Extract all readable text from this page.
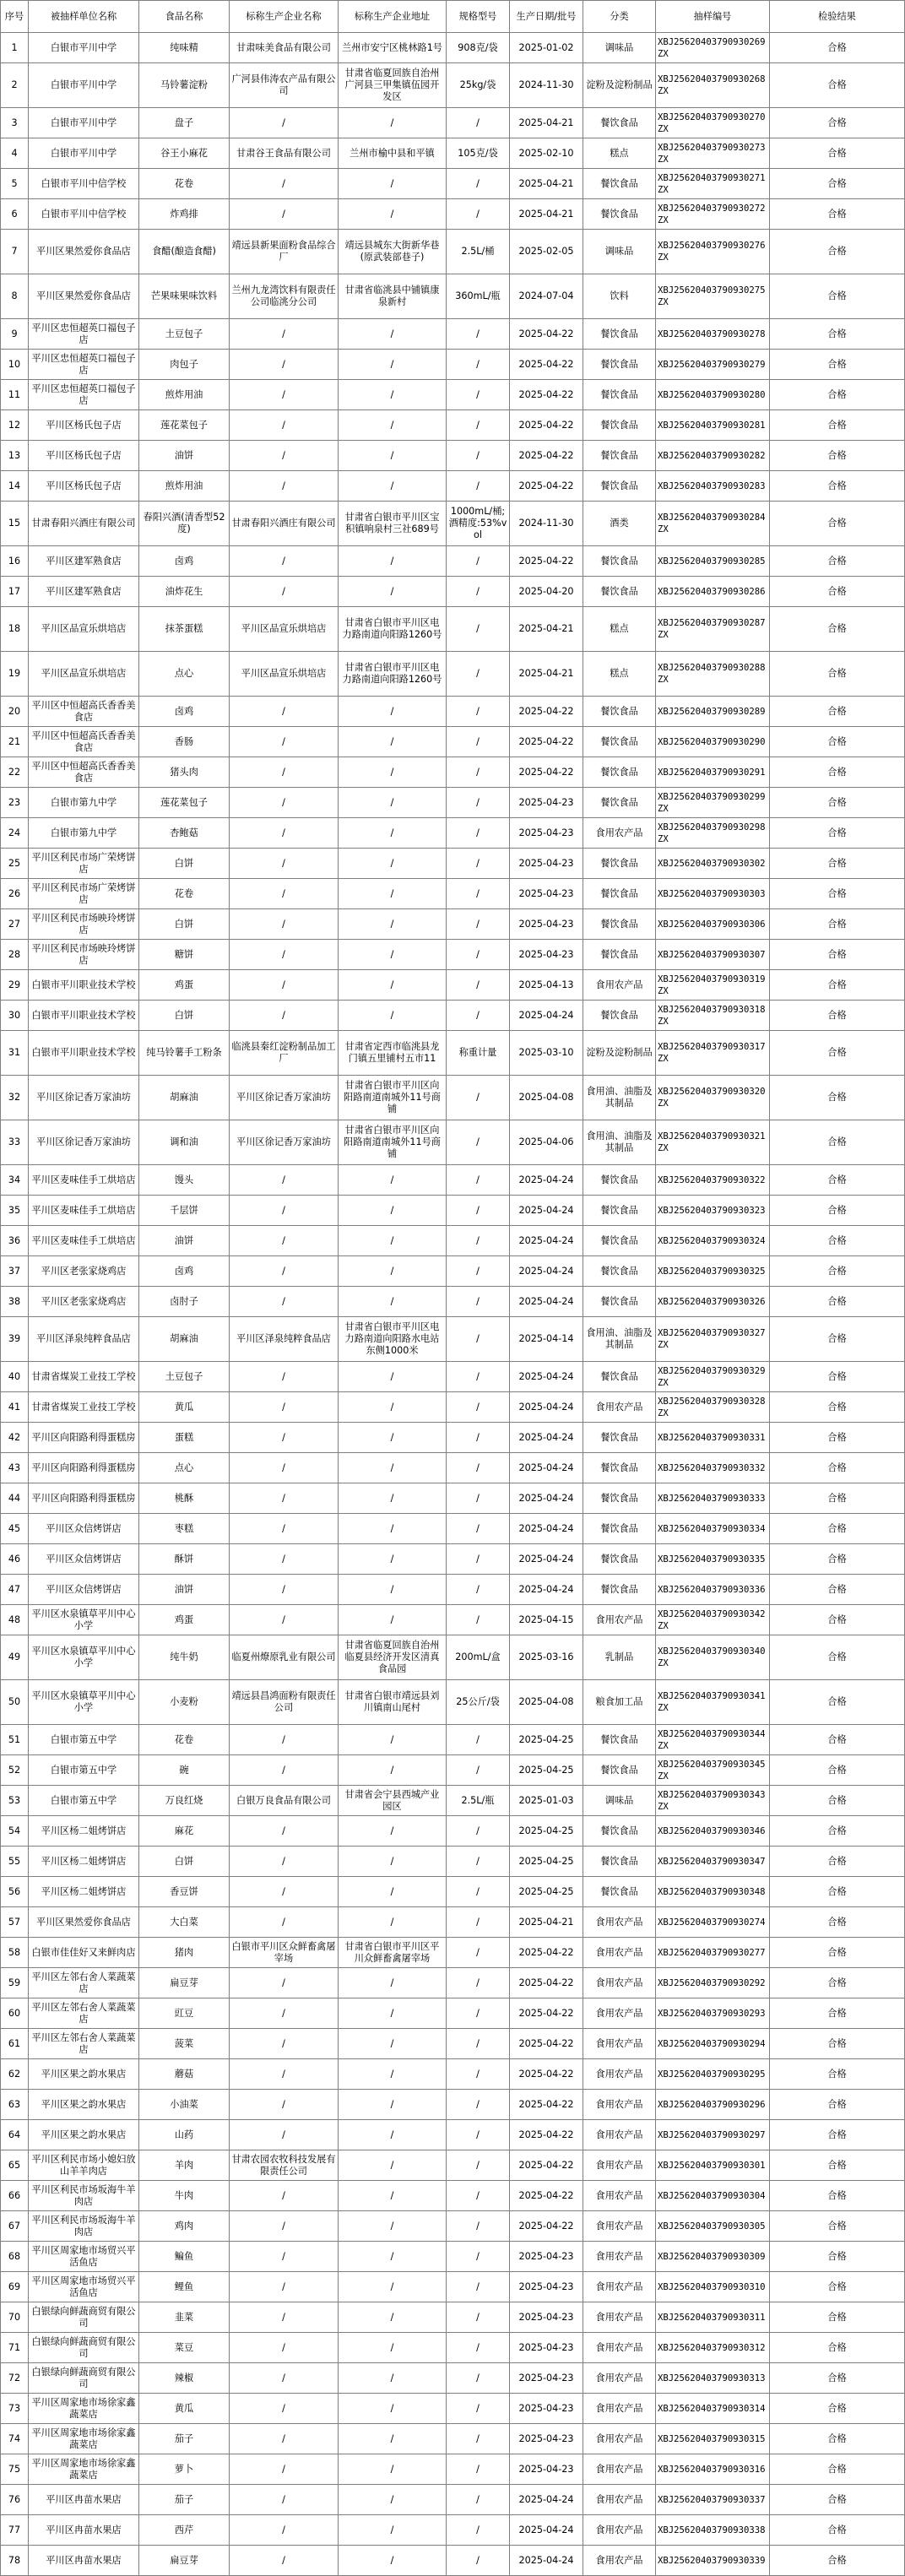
序号	被抽样单位名称	食品名称	标称生产企业名称	标称生产企业地址	规格型号	生产日期/批号	分类	抽样编号	检验结果
1	白银市平川中学	纯味精	甘肃味美食品有限公司	兰州市安宁区桃林路1号	908克/袋	2025-01-02	调味品	XBJ25620403790930269ZX	合格
2	白银市平川中学	马铃薯淀粉	广河县伟涛农产品有限公司	甘肃省临夏回族自治州广河县三甲集镇伍园开发区	25kg/袋	2024-11-30	淀粉及淀粉制品	XBJ25620403790930268ZX	合格
3	白银市平川中学	盘子	/	/	/	2025-04-21	餐饮食品	XBJ25620403790930270ZX	合格
4	白银市平川中学	谷王小麻花	甘肃谷王食品有限公司	兰州市榆中县和平镇	105克/袋	2025-02-10	糕点	XBJ25620403790930273ZX	合格
5	白银市平川中信学校	花卷	/	/	/	2025-04-21	餐饮食品	XBJ25620403790930271ZX	合格
6	白银市平川中信学校	炸鸡排	/	/	/	2025-04-21	餐饮食品	XBJ25620403790930272ZX	合格
7	平川区果然爱你食品店	食醋(酿造食醋)	靖远县新果面粉食品综合厂	靖远县城东大街新华巷(原武装部巷子)	2.5L/桶	2025-02-05	调味品	XBJ25620403790930276ZX	合格
8	平川区果然爱你食品店	芒果味果味饮料	兰州九龙湾饮料有限责任公司临洮分公司	甘肃省临洮县中铺镇康泉新村	360mL/瓶	2024-07-04	饮料	XBJ25620403790930275ZX	合格
9	平川区忠恒超英口福包子店	土豆包子	/	/	/	2025-04-22	餐饮食品	XBJ25620403790930278	合格
10	平川区忠恒超英口福包子店	肉包子	/	/	/	2025-04-22	餐饮食品	XBJ25620403790930279	合格
11	平川区忠恒超英口福包子店	煎炸用油	/	/	/	2025-04-22	餐饮食品	XBJ25620403790930280	合格
12	平川区杨氏包子店	莲花菜包子	/	/	/	2025-04-22	餐饮食品	XBJ25620403790930281	合格
13	平川区杨氏包子店	油饼	/	/	/	2025-04-22	餐饮食品	XBJ25620403790930282	合格
14	平川区杨氏包子店	煎炸用油	/	/	/	2025-04-22	餐饮食品	XBJ25620403790930283	合格
15	甘肃春阳兴酒庄有限公司	春阳兴酒(清香型52度)	甘肃春阳兴酒庄有限公司	甘肃省白银市平川区宝积镇响泉村三社689号	1000mL/桶;酒精度:53%vol	2024-11-30	酒类	XBJ25620403790930284ZX	合格
16	平川区建军熟食店	卤鸡	/	/	/	2025-04-22	餐饮食品	XBJ25620403790930285	合格
17	平川区建军熟食店	油炸花生	/	/	/	2025-04-20	餐饮食品	XBJ25620403790930286	合格
18	平川区品宣乐烘培店	抹茶蛋糕	平川区品宣乐烘培店	甘肃省白银市平川区电力路南道向阳路1260号	/	2025-04-21	糕点	XBJ25620403790930287ZX	合格
19	平川区品宣乐烘培店	点心	平川区品宣乐烘培店	甘肃省白银市平川区电力路南道向阳路1260号	/	2025-04-21	糕点	XBJ25620403790930288ZX	合格
20	平川区中恒超高氏香香美食店	卤鸡	/	/	/	2025-04-22	餐饮食品	XBJ25620403790930289	合格
21	平川区中恒超高氏香香美食店	香肠	/	/	/	2025-04-22	餐饮食品	XBJ25620403790930290	合格
22	平川区中恒超高氏香香美食店	猪头肉	/	/	/	2025-04-22	餐饮食品	XBJ25620403790930291	合格
23	白银市第九中学	莲花菜包子	/	/	/	2025-04-23	餐饮食品	XBJ25620403790930299ZX	合格
24	白银市第九中学	杏鲍菇	/	/	/	2025-04-23	食用农产品	XBJ25620403790930298ZX	合格
25	平川区利民市场广荣烤饼店	白饼	/	/	/	2025-04-23	餐饮食品	XBJ25620403790930302	合格
26	平川区利民市场广荣烤饼店	花卷	/	/	/	2025-04-23	餐饮食品	XBJ25620403790930303	合格
27	平川区利民市场映玲烤饼店	白饼	/	/	/	2025-04-23	餐饮食品	XBJ25620403790930306	合格
28	平川区利民市场映玲烤饼店	糖饼	/	/	/	2025-04-23	餐饮食品	XBJ25620403790930307	合格
29	白银市平川职业技术学校	鸡蛋	/	/	/	2025-04-13	食用农产品	XBJ25620403790930319ZX	合格
30	白银市平川职业技术学校	白饼	/	/	/	2025-04-24	餐饮食品	XBJ25620403790930318ZX	合格
31	白银市平川职业技术学校	纯马铃薯手工粉条	临洮县秦红淀粉制品加工厂	甘肃省定西市临洮县龙门镇五里铺村五市11	称重计量	2025-03-10	淀粉及淀粉制品	XBJ25620403790930317ZX	合格
32	平川区徐记香万家油坊	胡麻油	平川区徐记香万家油坊	甘肃省白银市平川区向阳路南道南城外11号商铺	/	2025-04-08	食用油、油脂及其制品	XBJ25620403790930320ZX	合格
33	平川区徐记香万家油坊	调和油	平川区徐记香万家油坊	甘肃省白银市平川区向阳路南道南城外11号商铺	/	2025-04-06	食用油、油脂及其制品	XBJ25620403790930321ZX	合格
34	平川区麦味佳手工烘培店	馒头	/	/	/	2025-04-24	餐饮食品	XBJ25620403790930322	合格
35	平川区麦味佳手工烘培店	千层饼	/	/	/	2025-04-24	餐饮食品	XBJ25620403790930323	合格
36	平川区麦味佳手工烘培店	油饼	/	/	/	2025-04-24	餐饮食品	XBJ25620403790930324	合格
37	平川区老张家烧鸡店	卤鸡	/	/	/	2025-04-24	餐饮食品	XBJ25620403790930325	合格
38	平川区老张家烧鸡店	卤肘子	/	/	/	2025-04-24	餐饮食品	XBJ25620403790930326	合格
39	平川区泽泉纯粹食品店	胡麻油	平川区泽泉纯粹食品店	甘肃省白银市平川区电力路南道向阳路水电站东侧1000米	/	2025-04-14	食用油、油脂及其制品	XBJ25620403790930327ZX	合格
40	甘肃省煤炭工业技工学校	土豆包子	/	/	/	2025-04-24	餐饮食品	XBJ25620403790930329ZX	合格
41	甘肃省煤炭工业技工学校	黄瓜	/	/	/	2025-04-24	食用农产品	XBJ25620403790930328ZX	合格
42	平川区向阳路利得蛋糕房	蛋糕	/	/	/	2025-04-24	餐饮食品	XBJ25620403790930331	合格
43	平川区向阳路利得蛋糕房	点心	/	/	/	2025-04-24	餐饮食品	XBJ25620403790930332	合格
44	平川区向阳路利得蛋糕房	桃酥	/	/	/	2025-04-24	餐饮食品	XBJ25620403790930333	合格
45	平川区众信烤饼店	枣糕	/	/	/	2025-04-24	餐饮食品	XBJ25620403790930334	合格
46	平川区众信烤饼店	酥饼	/	/	/	2025-04-24	餐饮食品	XBJ25620403790930335	合格
47	平川区众信烤饼店	油饼	/	/	/	2025-04-24	餐饮食品	XBJ25620403790930336	合格
48	平川区水泉镇草平川中心小学	鸡蛋	/	/	/	2025-04-15	食用农产品	XBJ25620403790930342ZX	合格
49	平川区水泉镇草平川中心小学	纯牛奶	临夏州燎原乳业有限公司	甘肃省临夏回族自治州临夏县经济开发区清真食品园	200mL/盒	2025-03-16	乳制品	XBJ25620403790930340ZX	合格
50	平川区水泉镇草平川中心小学	小麦粉	靖远县昌鸿面粉有限责任公司	甘肃省白银市靖远县刘川镇南山尾村	25公斤/袋	2025-04-08	粮食加工品	XBJ25620403790930341ZX	合格
51	白银市第五中学	花卷	/	/	/	2025-04-25	餐饮食品	XBJ25620403790930344ZX	合格
52	白银市第五中学	碗	/	/	/	2025-04-25	餐饮食品	XBJ25620403790930345ZX	合格
53	白银市第五中学	万良红烧	白银万良食品有限公司	甘肃省会宁县西城产业园区	2.5L/瓶	2025-01-03	调味品	XBJ25620403790930343ZX	合格
54	平川区杨二姐烤饼店	麻花	/	/	/	2025-04-25	餐饮食品	XBJ25620403790930346	合格
55	平川区杨二姐烤饼店	白饼	/	/	/	2025-04-25	餐饮食品	XBJ25620403790930347	合格
56	平川区杨二姐烤饼店	香豆饼	/	/	/	2025-04-25	餐饮食品	XBJ25620403790930348	合格
57	平川区果然爱你食品店	大白菜	/	/	/	2025-04-21	食用农产品	XBJ25620403790930274	合格
58	白银市佳佳好又来鲜肉店	猪肉	白银市平川区众鲜畜禽屠宰场	甘肃省白银市平川区平川众鲜畜禽屠宰场	/	2025-04-22	食用农产品	XBJ25620403790930277	合格
59	平川区左邻右舍人菜蔬菜店	扁豆芽	/	/	/	2025-04-22	食用农产品	XBJ25620403790930292	合格
60	平川区左邻右舍人菜蔬菜店	豇豆	/	/	/	2025-04-22	食用农产品	XBJ25620403790930293	合格
61	平川区左邻右舍人菜蔬菜店	菠菜	/	/	/	2025-04-22	食用农产品	XBJ25620403790930294	合格
62	平川区果之韵水果店	蘑菇	/	/	/	2025-04-22	食用农产品	XBJ25620403790930295	合格
63	平川区果之韵水果店	小油菜	/	/	/	2025-04-22	食用农产品	XBJ25620403790930296	合格
64	平川区果之韵水果店	山药	/	/	/	2025-04-22	食用农产品	XBJ25620403790930297	合格
65	平川区利民市场小媳妇放山羊羊肉店	羊肉	甘肃农园农牧科技发展有限责任公司	/	/	2025-04-22	食用农产品	XBJ25620403790930301	合格
66	平川区利民市场坂海牛羊肉店	牛肉	/	/	/	2025-04-22	食用农产品	XBJ25620403790930304	合格
67	平川区利民市场坂海牛羊肉店	鸡肉	/	/	/	2025-04-22	食用农产品	XBJ25620403790930305	合格
68	平川区周家地市场贸兴平活鱼店	鳊鱼	/	/	/	2025-04-23	食用农产品	XBJ25620403790930309	合格
69	平川区周家地市场贸兴平活鱼店	鲤鱼	/	/	/	2025-04-23	食用农产品	XBJ25620403790930310	合格
70	白银绿向鲜蔬商贸有限公司	韭菜	/	/	/	2025-04-23	食用农产品	XBJ25620403790930311	合格
71	白银绿向鲜蔬商贸有限公司	菜豆	/	/	/	2025-04-23	食用农产品	XBJ25620403790930312	合格
72	白银绿向鲜蔬商贸有限公司	辣椒	/	/	/	2025-04-23	食用农产品	XBJ25620403790930313	合格
73	平川区周家地市场徐家鑫蔬菜店	黄瓜	/	/	/	2025-04-23	食用农产品	XBJ25620403790930314	合格
74	平川区周家地市场徐家鑫蔬菜店	茄子	/	/	/	2025-04-23	食用农产品	XBJ25620403790930315	合格
75	平川区周家地市场徐家鑫蔬菜店	萝卜	/	/	/	2025-04-23	食用农产品	XBJ25620403790930316	合格
76	平川区冉苗水果店	茄子	/	/	/	2025-04-24	食用农产品	XBJ25620403790930337	合格
77	平川区冉苗水果店	西芹	/	/	/	2025-04-24	食用农产品	XBJ25620403790930338	合格
78	平川区冉苗水果店	扁豆芽	/	/	/	2025-04-24	食用农产品	XBJ25620403790930339	合格
